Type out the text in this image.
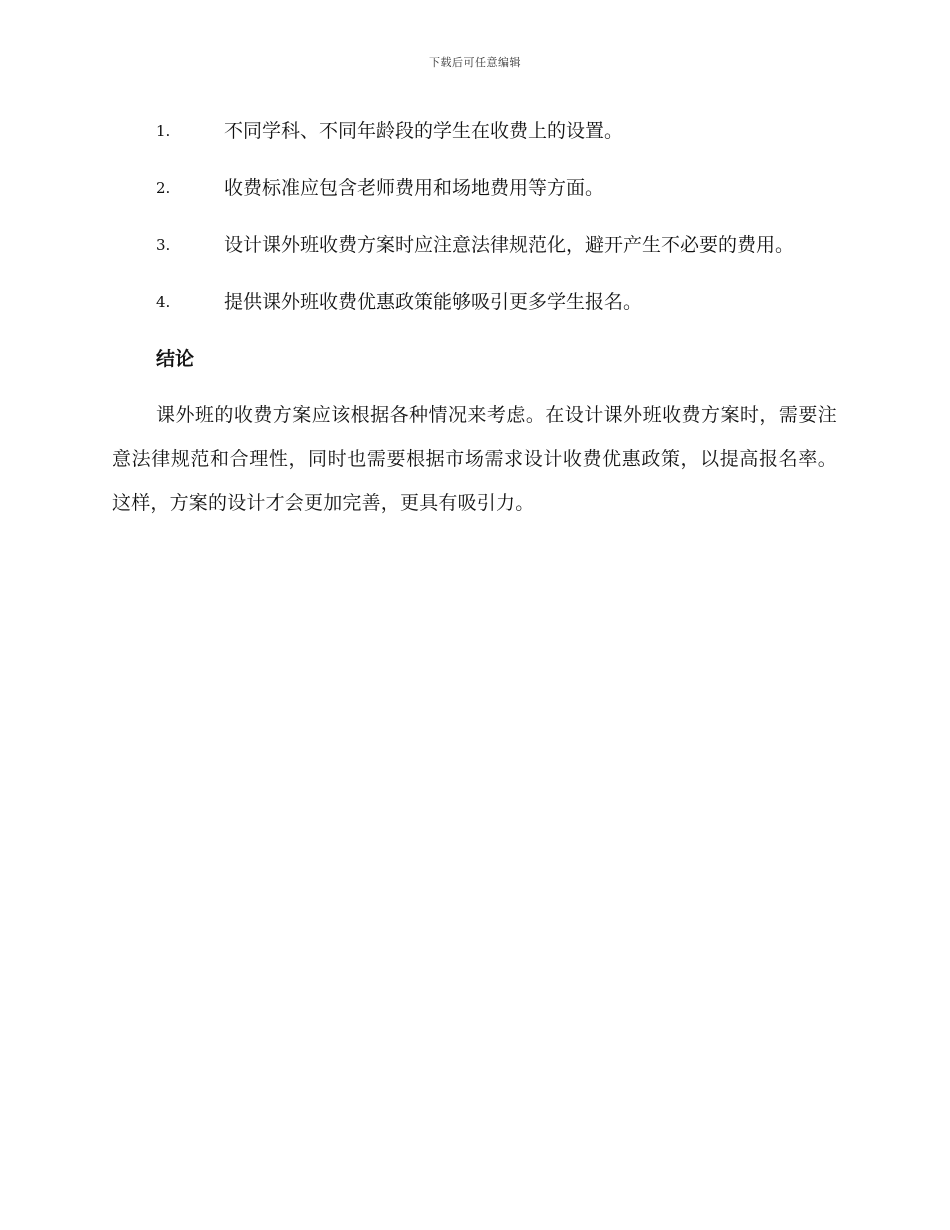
下载后可任意编辑
1.	不同学科、不同年龄段的学生在收费上的设置。
2.	收费标准应包含老师费用和场地费用等方面。
3.	设计课外班收费方案时应注意法律规范化，避开产生不必要的费用。
4.	提供课外班收费优惠政策能够吸引更多学生报名。
结论
课外班的收费方案应该根据各种情况来考虑。在设计课外班收费方案时，需要注意法律规范和合理性，同时也需要根据市场需求设计收费优惠政策，以提高报名率。这样，方案的设计才会更加完善，更具有吸引力。
